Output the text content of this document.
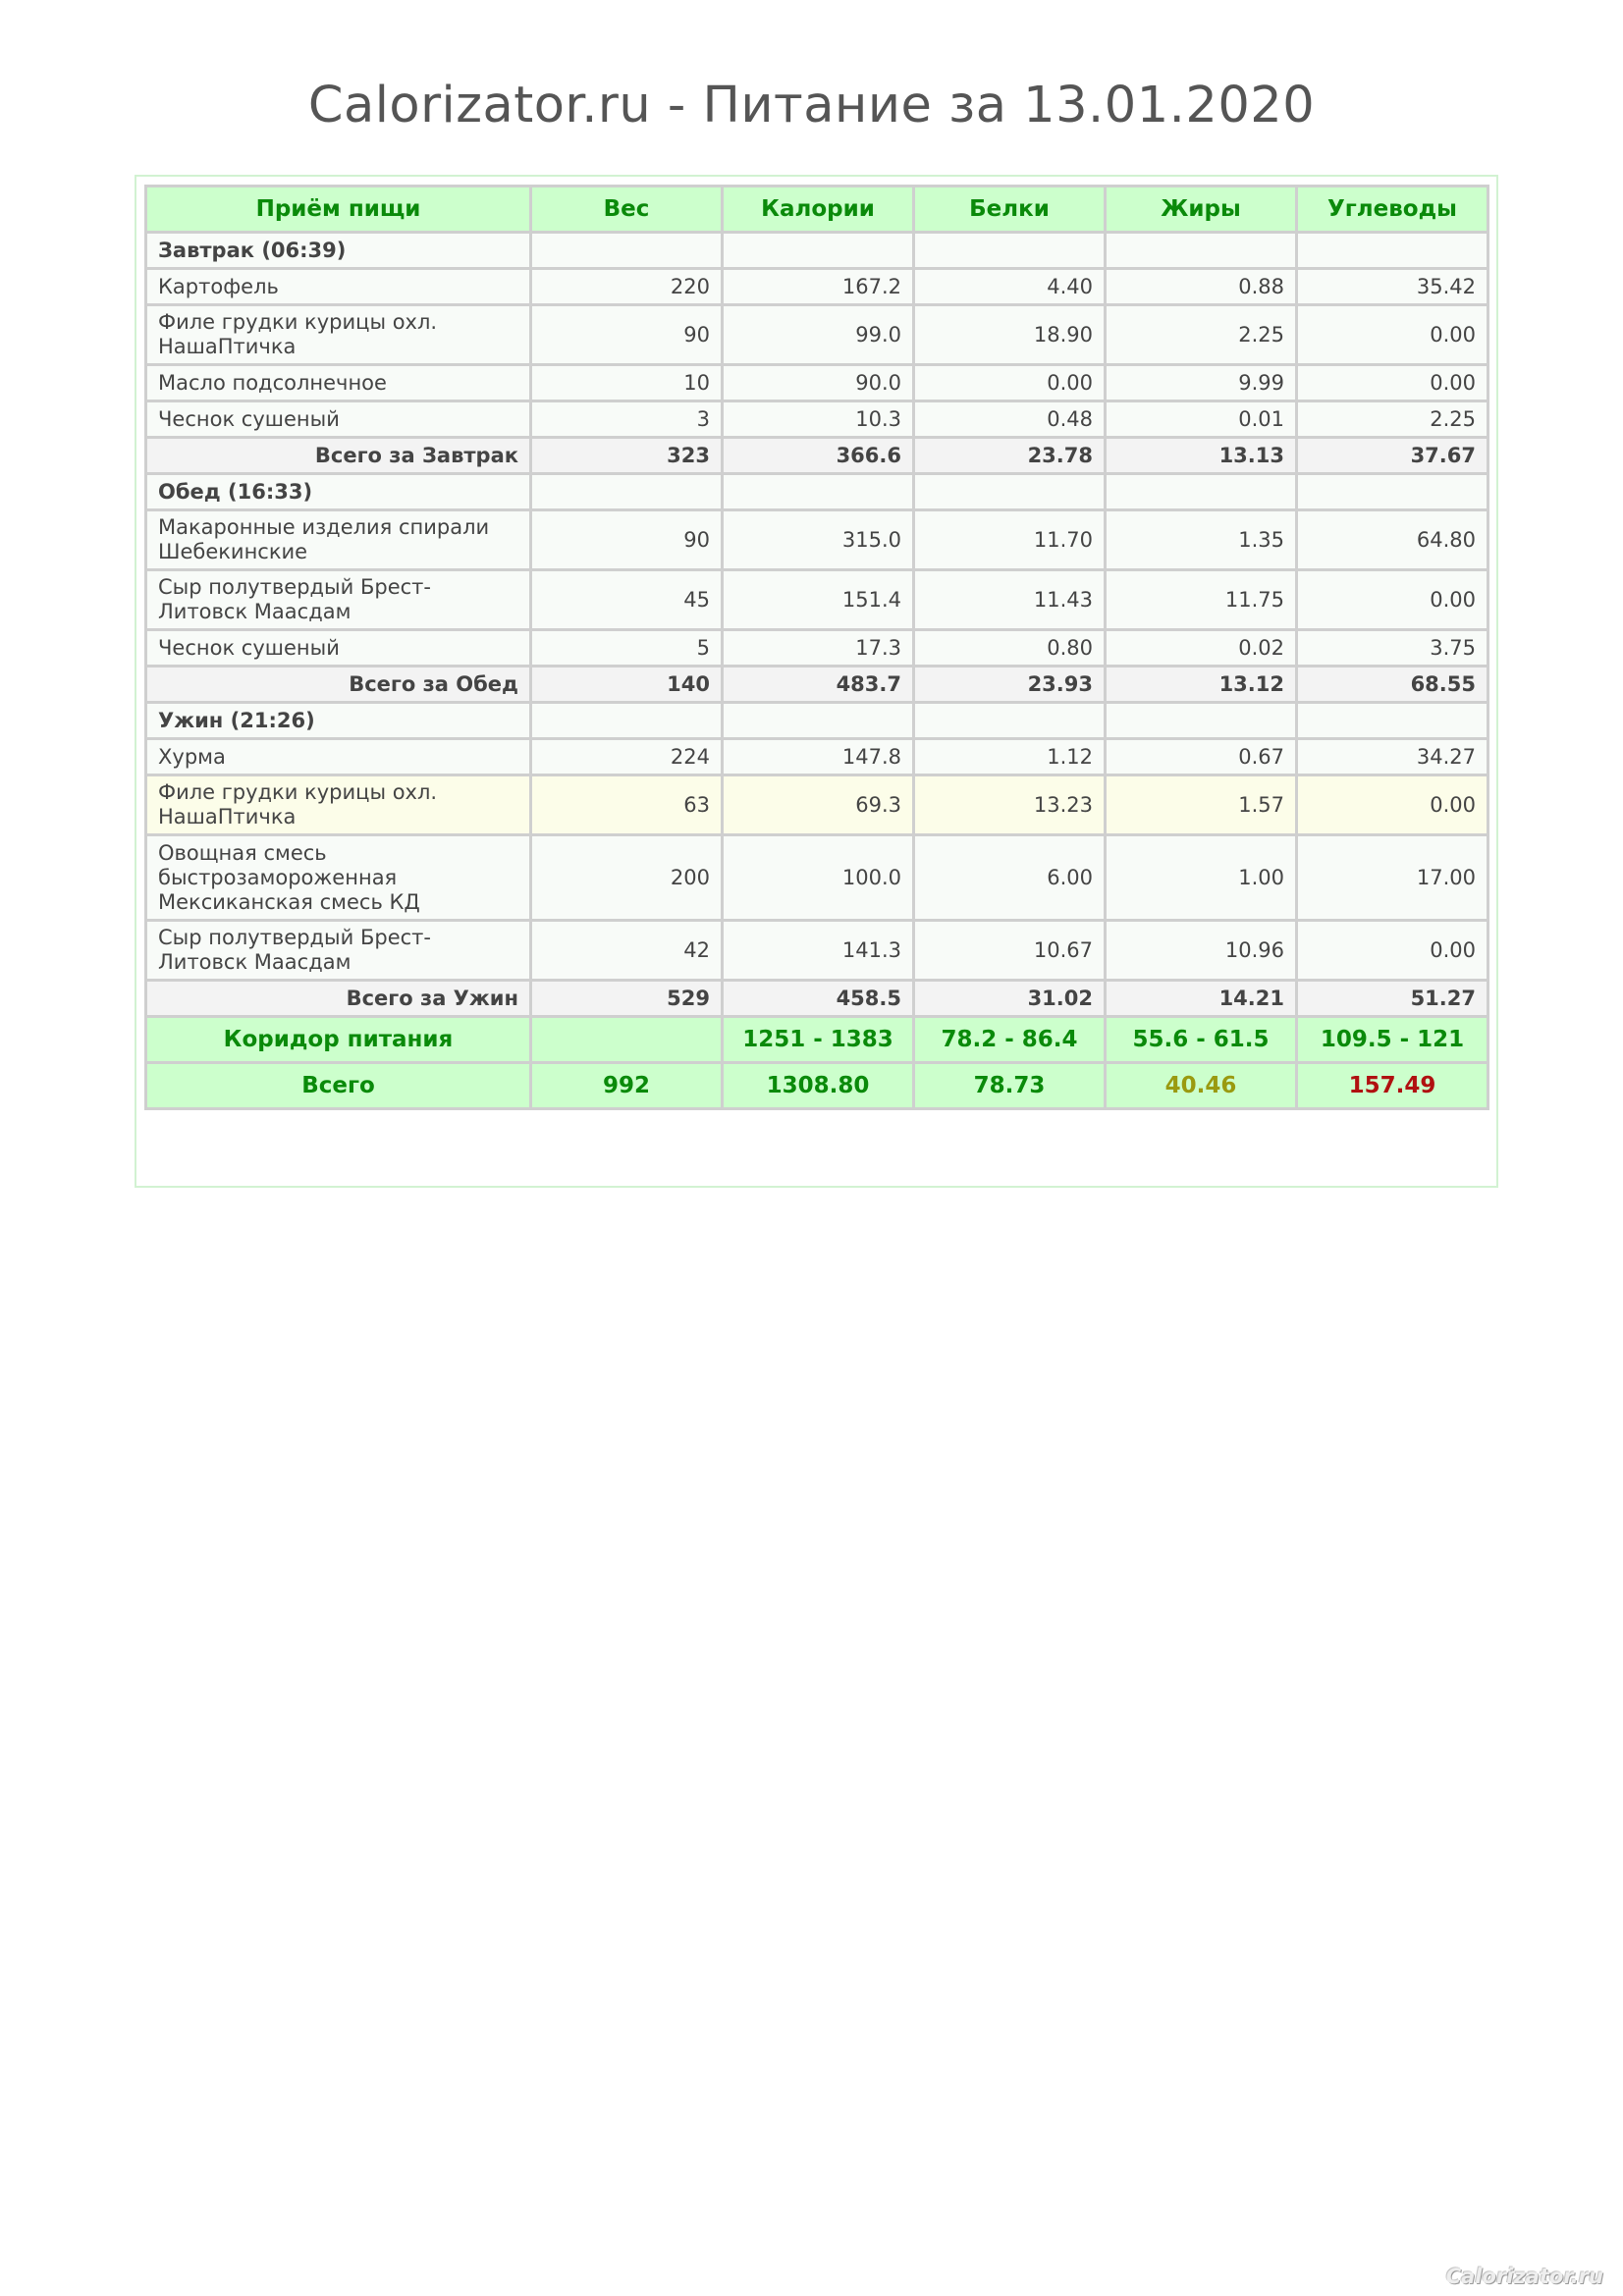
Calorizator.ru - Питание за 13.01.2020
Приём пищи	Вес	Калории	Белки	Жиры	Углеводы
Завтрак (06:39)					
Картофель	220	167.2	4.40	0.88	35.42
Филе грудки курицы охл. НашаПтичка	90	99.0	18.90	2.25	0.00
Масло подсолнечное	10	90.0	0.00	9.99	0.00
Чеснок сушеный	3	10.3	0.48	0.01	2.25
Всего за Завтрак	323	366.6	23.78	13.13	37.67
Обед (16:33)					
Макаронные изделия спирали Шебекинские	90	315.0	11.70	1.35	64.80
Сыр полутвердый Брест-Литовск Маасдам	45	151.4	11.43	11.75	0.00
Чеснок сушеный	5	17.3	0.80	0.02	3.75
Всего за Обед	140	483.7	23.93	13.12	68.55
Ужин (21:26)					
Хурма	224	147.8	1.12	0.67	34.27
Филе грудки курицы охл. НашаПтичка	63	69.3	13.23	1.57	0.00
Овощная смесь быстрозамороженная Мексиканская смесь КД	200	100.0	6.00	1.00	17.00
Сыр полутвердый Брест-Литовск Маасдам	42	141.3	10.67	10.96	0.00
Всего за Ужин	529	458.5	31.02	14.21	51.27
Коридор питания		1251 - 1383	78.2 - 86.4	55.6 - 61.5	109.5 - 121
Всего	992	1308.80	78.73	40.46	157.49
Calorizator.ru
